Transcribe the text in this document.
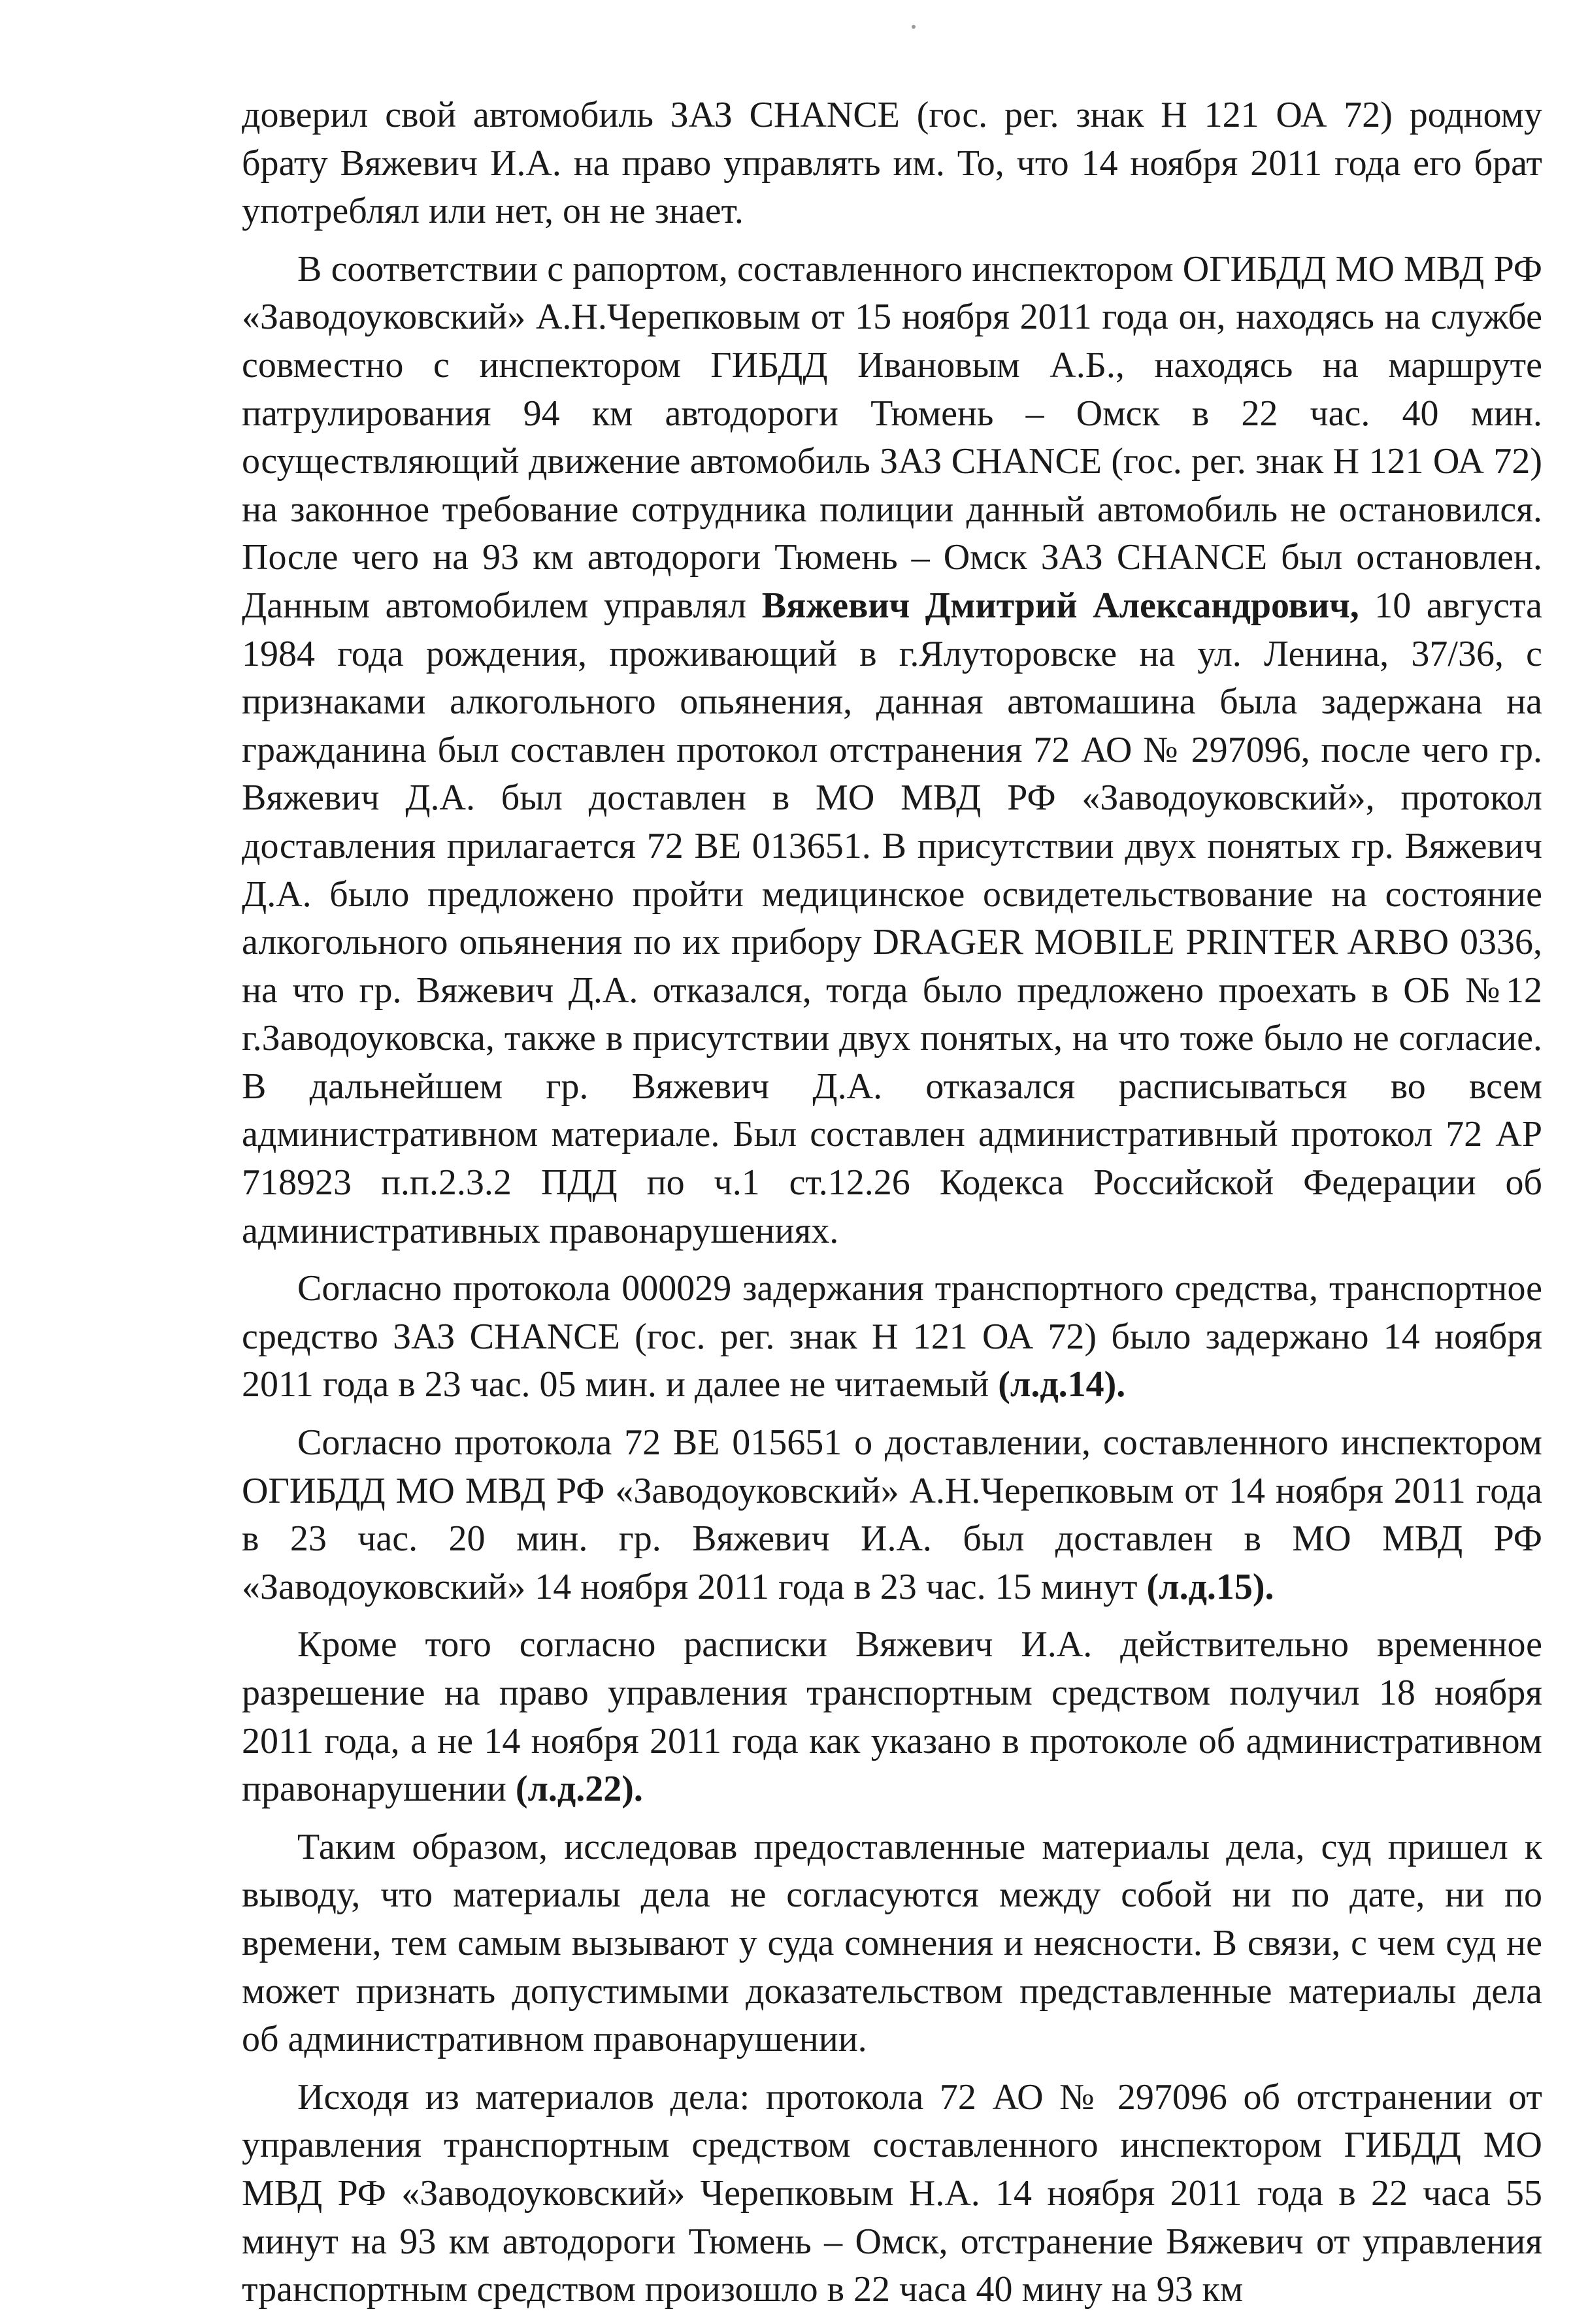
доверил свой автомобиль ЗАЗ CHANCE (гос. рег. знак Н 121 ОА 72) родному брату Вяжевич И.А. на право управлять им. То, что 14 ноября 2011 года его брат употреблял или нет, он не знает.

В соответствии с рапортом, составленного инспектором ОГИБДД МО МВД РФ «Заводоуковский» А.Н.Черепковым от 15 ноября 2011 года он, находясь на службе совместно с инспектором ГИБДД Ивановым А.Б., находясь на маршруте патрулирования 94 км автодороги Тюмень – Омск в 22 час. 40 мин. осуществляющий движение автомобиль ЗАЗ CHANCE (гос. рег. знак Н 121 ОА 72) на законное требование сотрудника полиции данный автомобиль не остановился. После чего на 93 км автодороги Тюмень – Омск ЗАЗ CHANCE был остановлен. Данным автомобилем управлял Вяжевич Дмитрий Александрович, 10 августа 1984 года рождения, проживающий в г.Ялуторовске на ул. Ленина, 37/36, с признаками алкогольного опьянения, данная автомашина была задержана на гражданина был составлен протокол отстранения 72 АО № 297096, после чего гр. Вяжевич Д.А. был доставлен в МО МВД РФ «Заводоуковский», протокол доставления прилагается 72 ВЕ 013651. В присутствии двух понятых гр. Вяжевич Д.А. было предложено пройти медицинское освидетельствование на состояние алкогольного опьянения по их прибору DRAGER MOBILE PRINTER ARBO 0336, на что гр. Вяжевич Д.А. отказался, тогда было предложено проехать в ОБ №12 г.Заводоуковска, также в присутствии двух понятых, на что тоже было не согласие. В дальнейшем гр. Вяжевич Д.А. отказался расписываться во всем административном материале. Был составлен административный протокол 72 АР 718923 п.п.2.3.2 ПДД по ч.1 ст.12.26 Кодекса Российской Федерации об административных правонарушениях.

Согласно протокола 000029 задержания транспортного средства, транспортное средство ЗАЗ CHANCE (гос. рег. знак Н 121 ОА 72) было задержано 14 ноября 2011 года в 23 час. 05 мин. и далее не читаемый (л.д.14).

Согласно протокола 72 ВЕ 015651 о доставлении, составленного инспектором ОГИБДД МО МВД РФ «Заводоуковский» А.Н.Черепковым от 14 ноября 2011 года в 23 час. 20 мин. гр. Вяжевич И.А. был доставлен в МО МВД РФ «Заводоуковский» 14 ноября 2011 года в 23 час. 15 минут (л.д.15).

Кроме того согласно расписки Вяжевич И.А. действительно временное разрешение на право управления транспортным средством получил 18 ноября 2011 года, а не 14 ноября 2011 года как указано в протоколе об административном правонарушении (л.д.22).

Таким образом, исследовав предоставленные материалы дела, суд пришел к выводу, что материалы дела не согласуются между собой ни по дате, ни по времени, тем самым вызывают у суда сомнения и неясности. В связи, с чем суд не может признать допустимыми доказательством представленные материалы дела об административном правонарушении.

Исходя из материалов дела: протокола 72 АО № 297096 об отстранении от управления транспортным средством составленного инспектором ГИБДД МО МВД РФ «Заводоуковский» Черепковым Н.А. 14 ноября 2011 года в 22 часа 55 минут на 93 км автодороги Тюмень – Омск, отстранение Вяжевич от управления транспортным средством произошло в 22 часа 40 мину на 93 км
